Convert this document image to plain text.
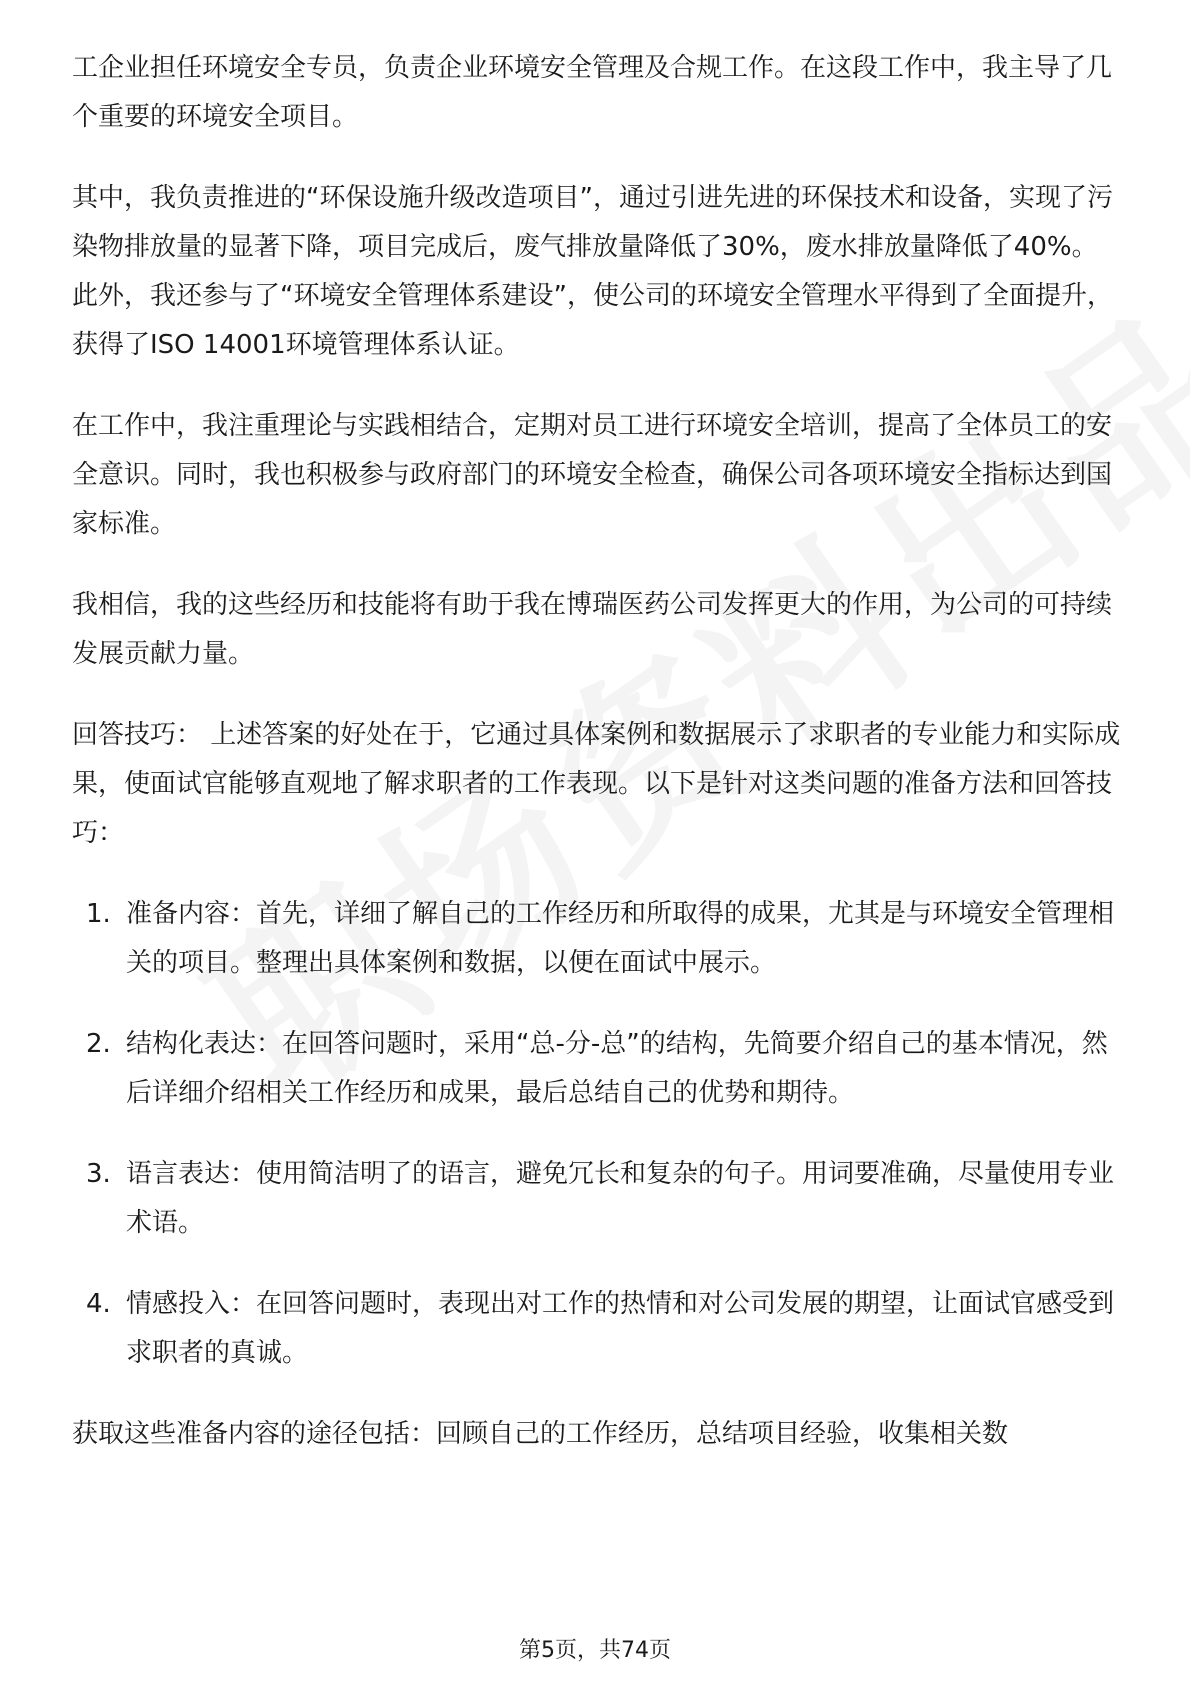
工企业担任环境安全专员，负责企业环境安全管理及合规工作。在这段工作中，我主导了几个重要的环境安全项目。

其中，我负责推进的“环保设施升级改造项目”，通过引进先进的环保技术和设备，实现了污染物排放量的显著下降，项目完成后，废气排放量降低了30%，废水排放量降低了40%。此外，我还参与了“环境安全管理体系建设”，使公司的环境安全管理水平得到了全面提升，获得了ISO 14001环境管理体系认证。

在工作中，我注重理论与实践相结合，定期对员工进行环境安全培训，提高了全体员工的安全意识。同时，我也积极参与政府部门的环境安全检查，确保公司各项环境安全指标达到国家标准。

我相信，我的这些经历和技能将有助于我在博瑞医药公司发挥更大的作用，为公司的可持续发展贡献力量。

回答技巧： 上述答案的好处在于，它通过具体案例和数据展示了求职者的专业能力和实际成果，使面试官能够直观地了解求职者的工作表现。以下是针对这类问题的准备方法和回答技巧：

1. 准备内容：首先，详细了解自己的工作经历和所取得的成果，尤其是与环境安全管理相关的项目。整理出具体案例和数据，以便在面试中展示。
2. 结构化表达：在回答问题时，采用“总-分-总”的结构，先简要介绍自己的基本情况，然后详细介绍相关工作经历和成果，最后总结自己的优势和期待。
3. 语言表达：使用简洁明了的语言，避免冗长和复杂的句子。用词要准确，尽量使用专业术语。
4. 情感投入：在回答问题时，表现出对工作的热情和对公司发展的期望，让面试官感受到求职者的真诚。

获取这些准备内容的途径包括：回顾自己的工作经历，总结项目经验，收集相关数

第5页，共74页
